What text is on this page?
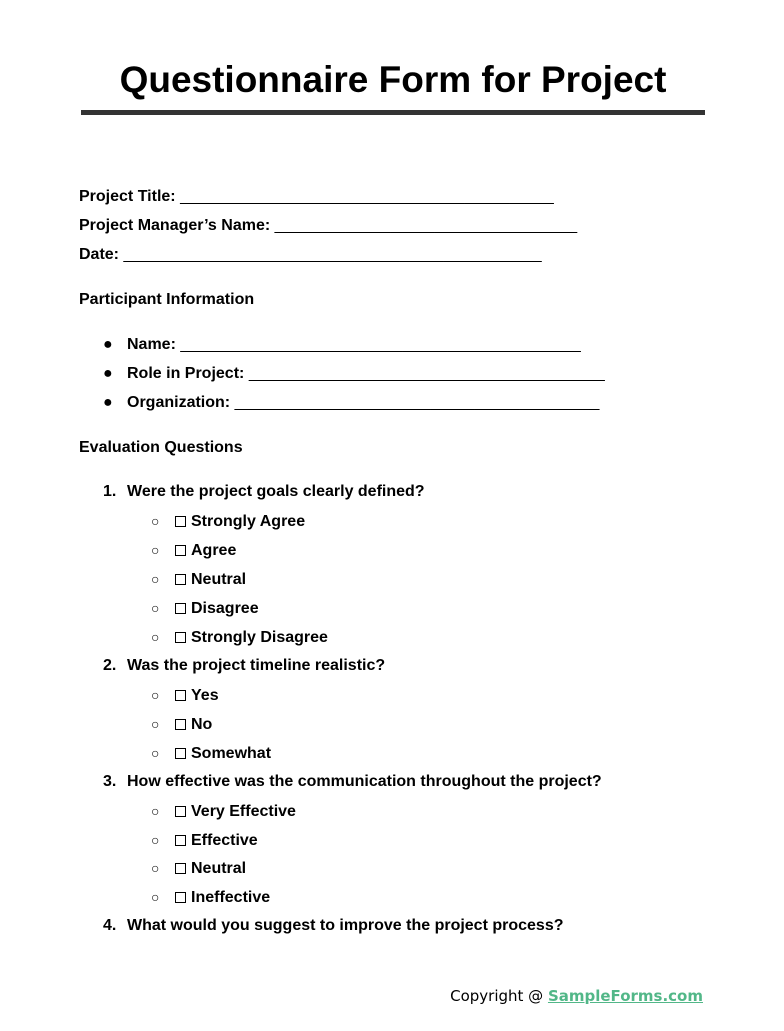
Questionnaire Form for Project
Project Title: __________________________________________
Project Manager’s Name: __________________________________
Date: _______________________________________________
Participant Information
● Name: _____________________________________________
● Role in Project: ________________________________________
● Organization: _________________________________________
Evaluation Questions
1. Were the project goals clearly defined?
○ Strongly Agree
○ Agree
○ Neutral
○ Disagree
○ Strongly Disagree
2. Was the project timeline realistic?
○ Yes
○ No
○ Somewhat
3. How effective was the communication throughout the project?
○ Very Effective
○ Effective
○ Neutral
○ Ineffective
4. What would you suggest to improve the project process?
Copyright @ SampleForms.com
